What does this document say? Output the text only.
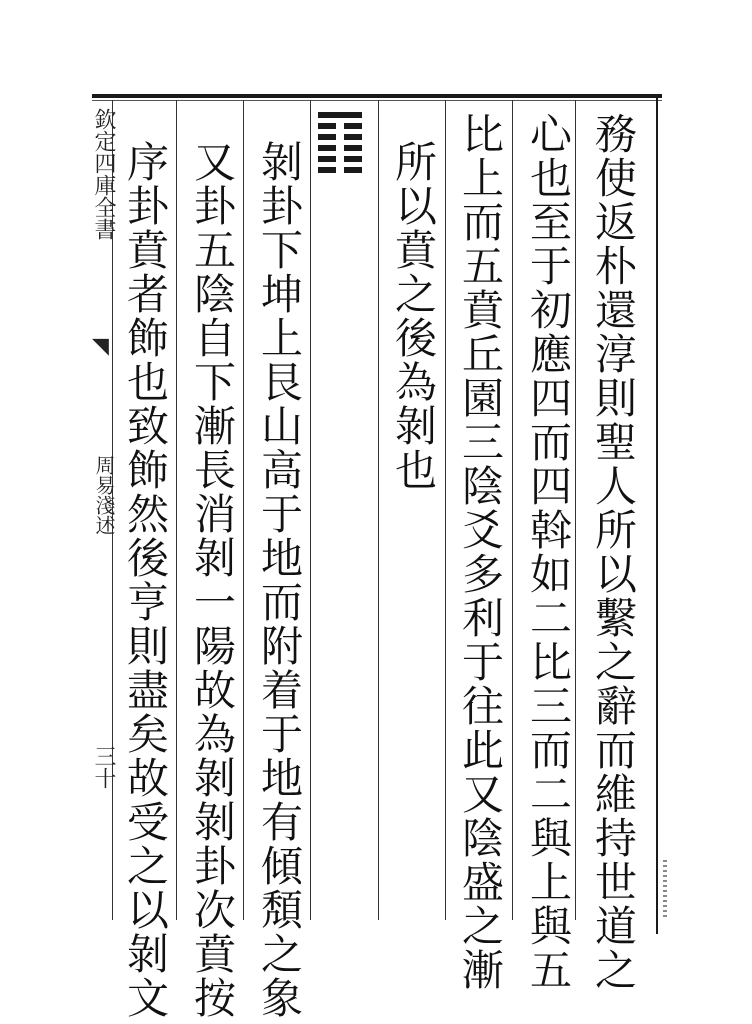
欽定四庫全書
◥
周易淺述
三十	務使返朴還淳則聖人所以繫之辭而維持世道之
心也至于初應四而四斡如二比三而二與上與五
比上而五賁丘園三陰爻多利于往此又陰盛之漸
所以賁之後為剝也
剝卦下坤上艮山高于地而附着于地有傾頽之象
又卦五陰自下漸長消剝一陽故為剝剝卦次賁按
序卦賁者飾也致飾然後亨則盡矣故受之以剝文
